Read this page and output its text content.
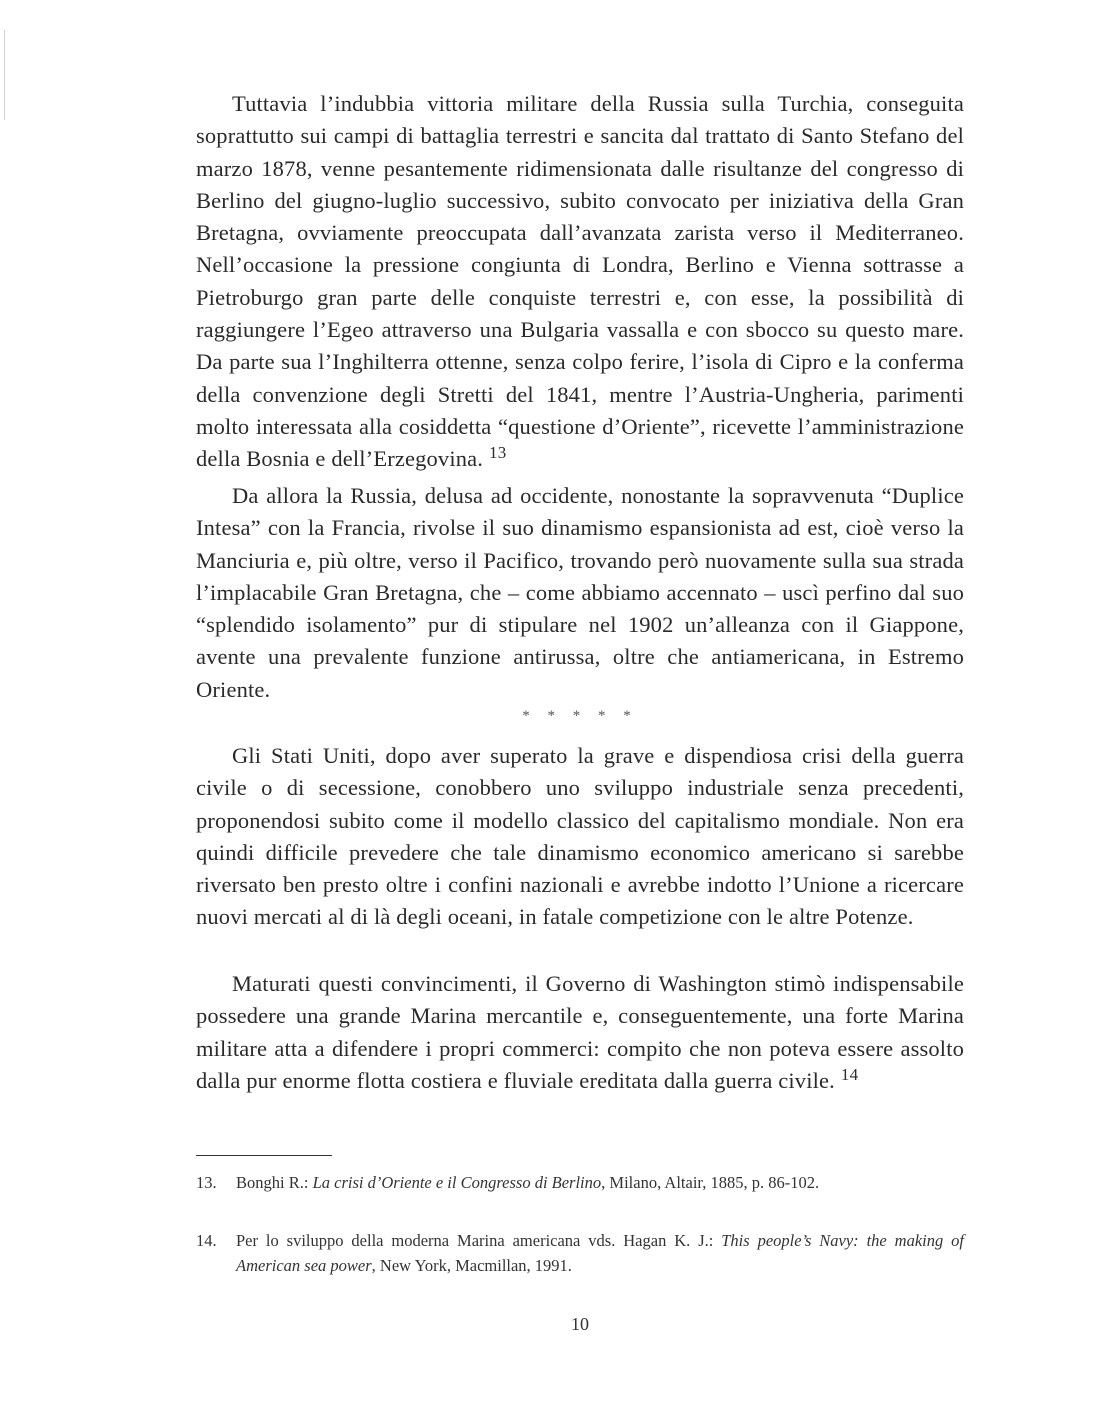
Tuttavia l’indubbia vittoria militare della Russia sulla Turchia, conseguita soprattutto sui campi di battaglia terrestri e sancita dal trattato di Santo Stefano del marzo 1878, venne pesantemente ridimensionata dalle risultanze del congresso di Berlino del giugno-luglio successivo, subito convocato per iniziativa della Gran Bretagna, ovviamente preoccupata dall’avanzata zarista verso il Mediterraneo. Nell’occasione la pressione congiunta di Londra, Berlino e Vienna sottrasse a Pietroburgo gran parte delle conquiste terrestri e, con esse, la possibilità di raggiungere l’Egeo attraverso una Bulgaria vassalla e con sbocco su questo mare. Da parte sua l’Inghilterra ottenne, senza colpo ferire, l’isola di Cipro e la conferma della convenzione degli Stretti del 1841, mentre l’Austria-Ungheria, parimenti molto interessata alla cosiddetta “questione d’Oriente”, ricevette l’amministrazione della Bosnia e dell’Erzegovina. $^{13}$

Da allora la Russia, delusa ad occidente, nonostante la sopravvenuta “Duplice Intesa” con la Francia, rivolse il suo dinamismo espansionista ad est, cioè verso la Manciuria e, più oltre, verso il Pacifico, trovando però nuovamente sulla sua strada l’implacabile Gran Bretagna, che – come abbiamo accennato – uscì perfino dal suo “splendido isolamento” pur di stipulare nel 1902 un’alleanza con il Giappone, avente una prevalente funzione antirussa, oltre che antiamericana, in Estremo Oriente.

* * * * *

Gli Stati Uniti, dopo aver superato la grave e dispendiosa crisi della guerra civile o di secessione, conobbero uno sviluppo industriale senza precedenti, proponendosi subito come il modello classico del capitalismo mondiale. Non era quindi difficile prevedere che tale dinamismo economico americano si sarebbe riversato ben presto oltre i confini nazionali e avrebbe indotto l’Unione a ricercare nuovi mercati al di là degli oceani, in fatale competizione con le altre Potenze.

Maturati questi convincimenti, il Governo di Washington stimò indispensabile possedere una grande Marina mercantile e, conseguentemente, una forte Marina militare atta a difendere i propri commerci: compito che non poteva essere assolto dalla pur enorme flotta costiera e fluviale ereditata dalla guerra civile. $^{14}$

13. Bonghi R.: La crisi d’Oriente e il Congresso di Berlino, Milano, Altair, 1885, p. 86-102.
14. Per lo sviluppo della moderna Marina americana vds. Hagan K. J.: This people’s Navy: the making of American sea power, New York, Macmillan, 1991.
10
